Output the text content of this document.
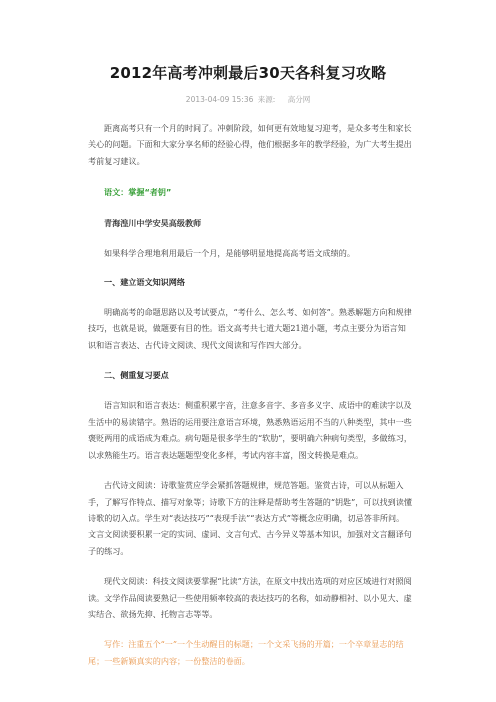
2012年高考冲刺最后30天各科复习攻略
2013-04-09 15:36 来源: 高分网

距离高考只有一个月的时间了。冲刺阶段，如何更有效地复习迎考，是众多考生和家长关心的问题。下面和大家分享名师的经验心得，他们根据多年的教学经验，为广大考生提出考前复习建议。

语文：掌握“者钥”

青海湟川中学安昊高级教师

如果科学合理地利用最后一个月，是能够明显地提高高考语文成绩的。

一、建立语文知识网络

明确高考的命题思路以及考试要点，“考什么、怎么考、如何答”。熟悉解题方向和规律技巧，也就是说，做题要有目的性。语文高考共七道大题21道小题，考点主要分为语言知识和语言表达、古代诗文阅读、现代文阅读和写作四大部分。

二、侧重复习要点

语言知识和语言表达：侧重积累字音，注意多音字、多音多义字、成语中的难读字以及生活中的易读错字。熟语的运用要注意语言环境，熟悉熟语运用不当的八种类型，其中一些褒贬两用的成语成为难点。病句题是很多学生的“软肋”，要明确六种病句类型，多做练习，以求熟能生巧。语言表达题题型变化多样，考试内容丰富，图文转换是难点。

古代诗文阅读：诗歌鉴赏应学会紧抓答题规律，规范答题。鉴赏古诗，可以从标题入手，了解写作特点、描写对象等；诗歌下方的注释是帮助考生答题的“钥匙”，可以找到读懂诗歌的切入点。学生对“表达技巧”“表现手法”“表达方式”等概念应明确，切忌答非所问。文言文阅读要积累一定的实词、虚词、文言句式、古今异义等基本知识，加强对文言翻译句子的练习。

现代文阅读：科技文阅读要掌握“比读”方法，在原文中找出选项的对应区域进行对照阅读。文学作品阅读要熟记一些使用频率较高的表达技巧的名称，如动静相衬、以小见大、虚实结合、欲扬先抑、托物言志等等。

写作：注重五个“一”一个生动醒目的标题；一个文采飞扬的开篇；一个卒章显志的结尾；一些新颖真实的内容；一份整洁的卷面。
